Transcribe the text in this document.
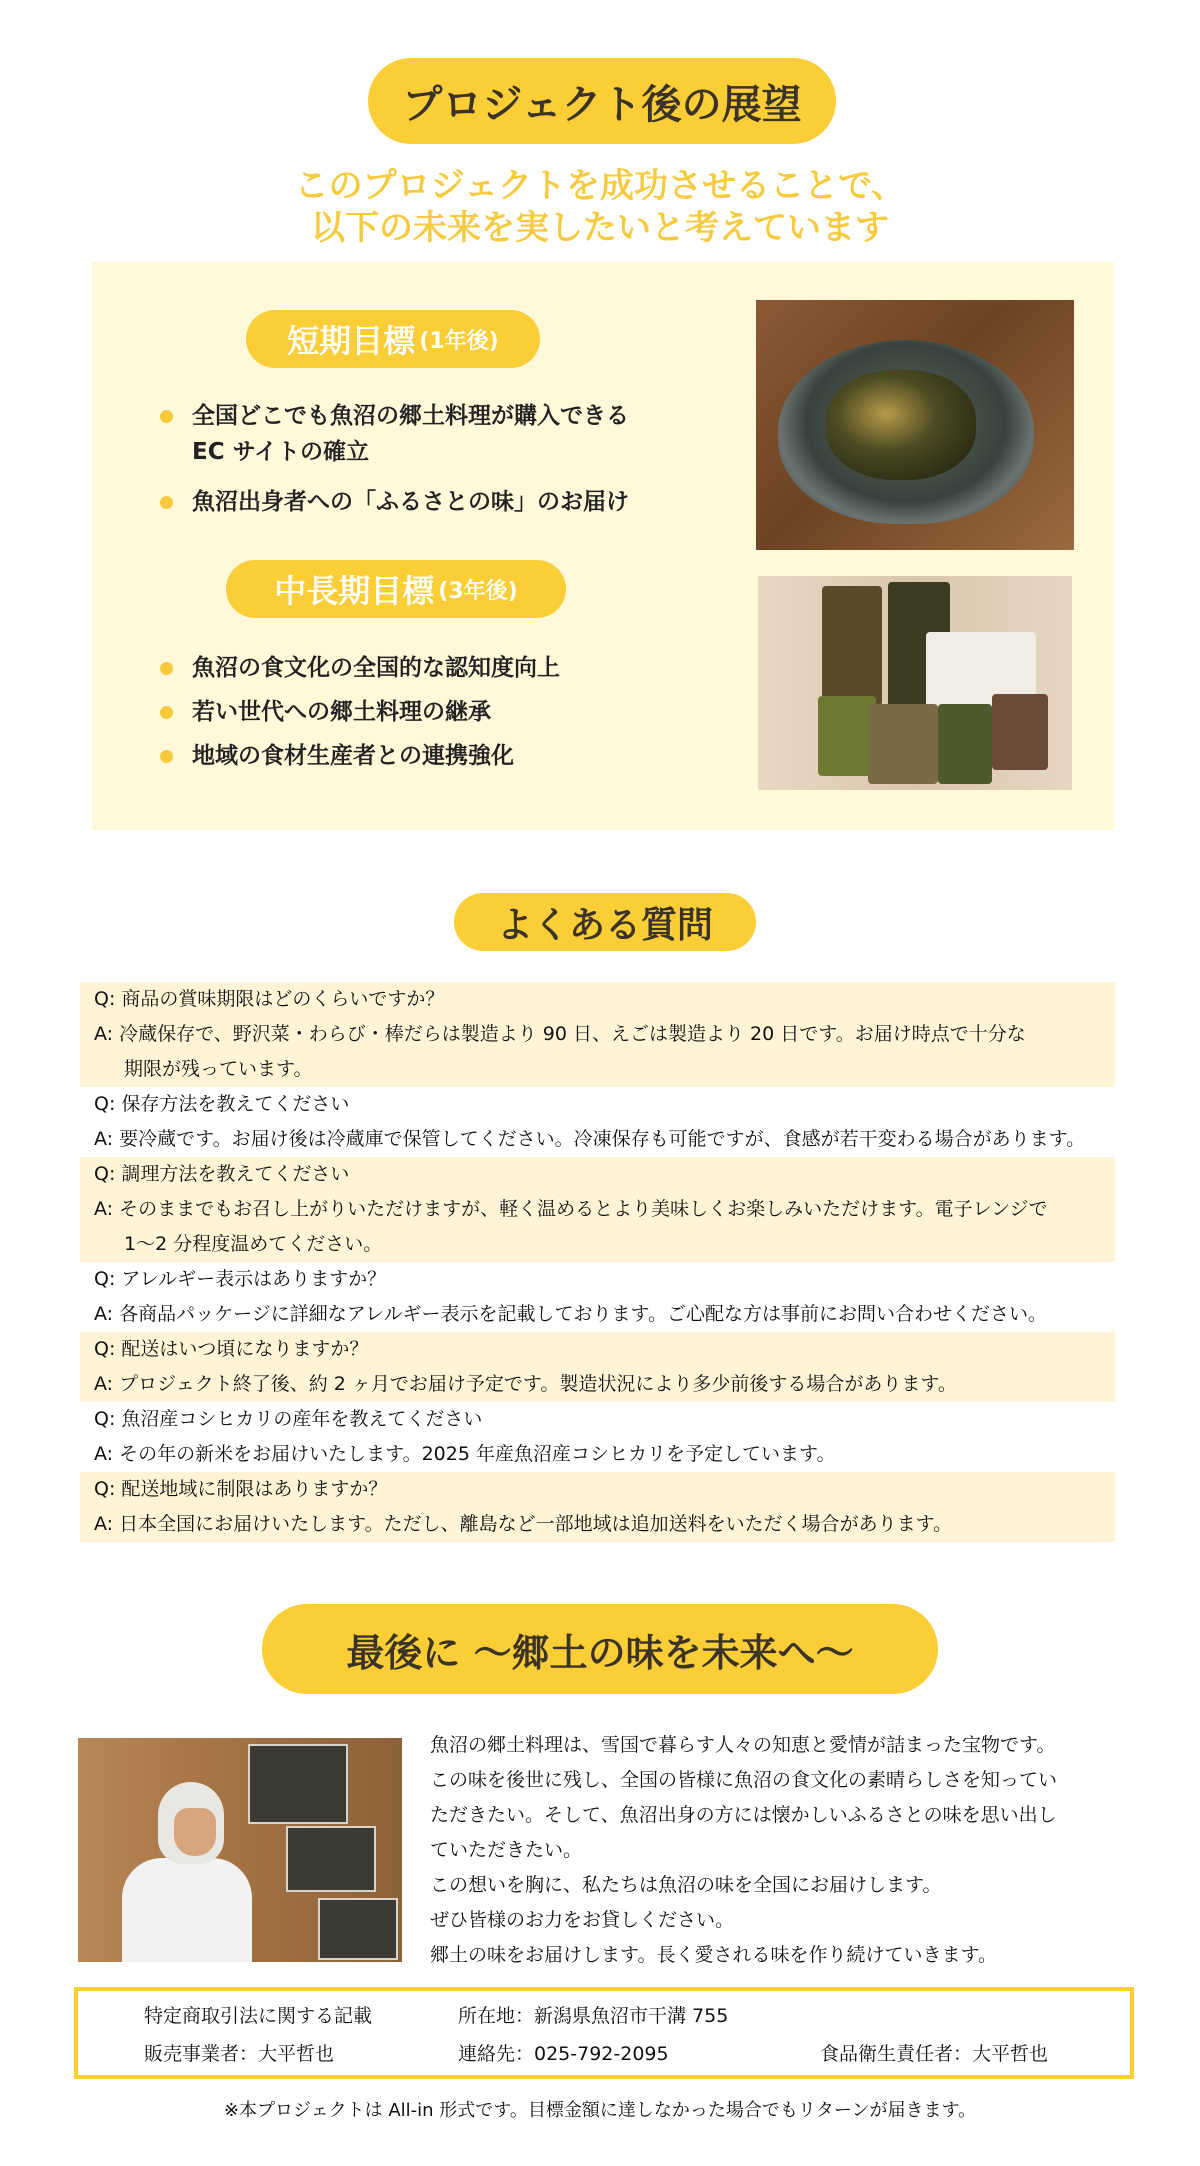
プロジェクト後の展望
このプロジェクトを成功させることで、
以下の未来を実したいと考えています
短期目標 (1年後)
全国どこでも魚沼の郷土料理が購入できる
EC サイトの確立
魚沼出身者への「ふるさとの味」のお届け
中長期目標 (3年後)
魚沼の食文化の全国的な認知度向上
若い世代への郷土料理の継承
地域の食材生産者との連携強化
よくある質問
Q: 商品の賞味期限はどのくらいですか？
A: 冷蔵保存で、野沢菜・わらび・棒だらは製造より 90 日、えごは製造より 20 日です。お届け時点で十分な
期限が残っています。
Q: 保存方法を教えてください
A: 要冷蔵です。お届け後は冷蔵庫で保管してください。冷凍保存も可能ですが、食感が若干変わる場合があります。
Q: 調理方法を教えてください
A: そのままでもお召し上がりいただけますが、軽く温めるとより美味しくお楽しみいただけます。電子レンジで
1〜2 分程度温めてください。
Q: アレルギー表示はありますか？
A: 各商品パッケージに詳細なアレルギー表示を記載しております。ご心配な方は事前にお問い合わせください。
Q: 配送はいつ頃になりますか？
A: プロジェクト終了後、約 2 ヶ月でお届け予定です。製造状況により多少前後する場合があります。
Q: 魚沼産コシヒカリの産年を教えてください
A: その年の新米をお届けいたします。2025 年産魚沼産コシヒカリを予定しています。
Q: 配送地域に制限はありますか？
A: 日本全国にお届けいたします。ただし、離島など一部地域は追加送料をいただく場合があります。
最後に 〜郷土の味を未来へ〜

魚沼の郷土料理は、雪国で暮らす人々の知恵と愛情が詰まった宝物です。

この味を後世に残し、全国の皆様に魚沼の食文化の素晴らしさを知ってい

ただきたい。そして、魚沼出身の方には懐かしいふるさとの味を思い出し

ていただきたい。

この想いを胸に、私たちは魚沼の味を全国にお届けします。

ぜひ皆様のお力をお貸しください。

郷土の味をお届けします。長く愛される味を作り続けていきます。

特定商取引法に関する記載
販売事業者：大平哲也
所在地：新潟県魚沼市干溝 755
連絡先：025-792-2095	食品衛生責任者：大平哲也
※本プロジェクトは All-in 形式です。目標金額に達しなかった場合でもリターンが届きます。
